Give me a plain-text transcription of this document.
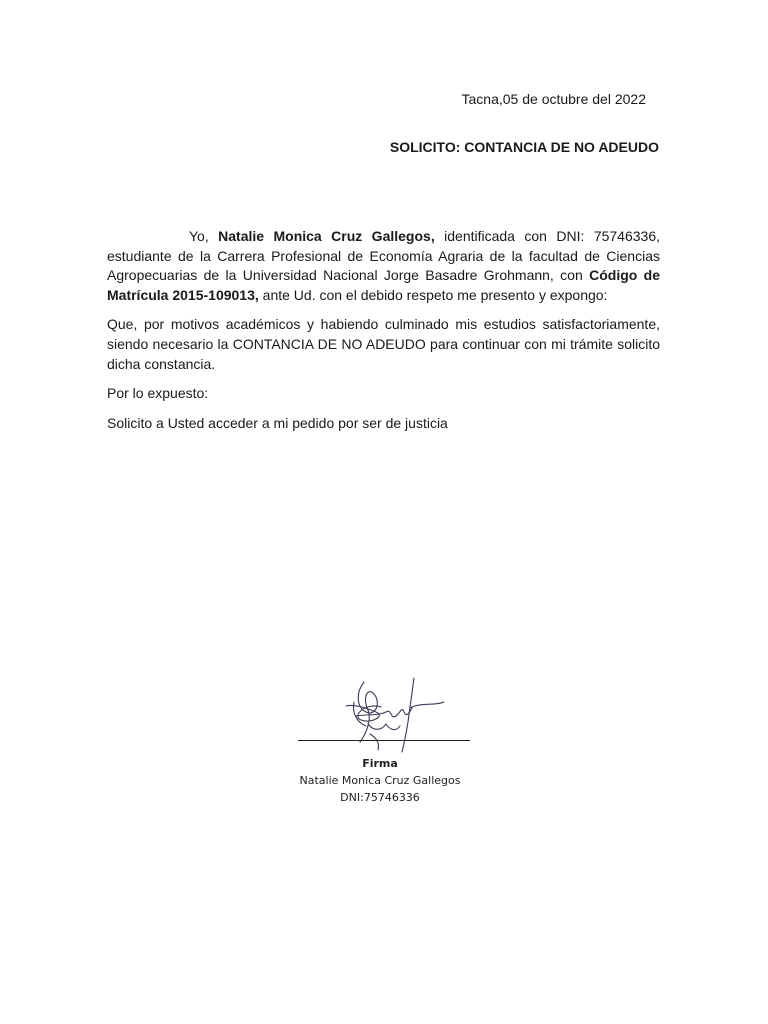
Tacna,05 de octubre del 2022
SOLICITO: CONTANCIA DE NO ADEUDO

Yo, Natalie Monica Cruz Gallegos, identificada con DNI: 75746336, estudiante de la Carrera Profesional de Economía Agraria de la facultad de Ciencias Agropecuarias de la Universidad Nacional Jorge Basadre Grohmann, con Código de Matrícula 2015-109013, ante Ud. con el debido respeto me presento y expongo:

Que, por motivos académicos y habiendo culminado mis estudios satisfactoriamente, siendo necesario la CONTANCIA DE NO ADEUDO para continuar con mi trámite solicito dicha constancia.

Por lo expuesto:

Solicito a Usted acceder a mi pedido por ser de justicia

Firma
Natalie Monica Cruz Gallegos
DNI:75746336
